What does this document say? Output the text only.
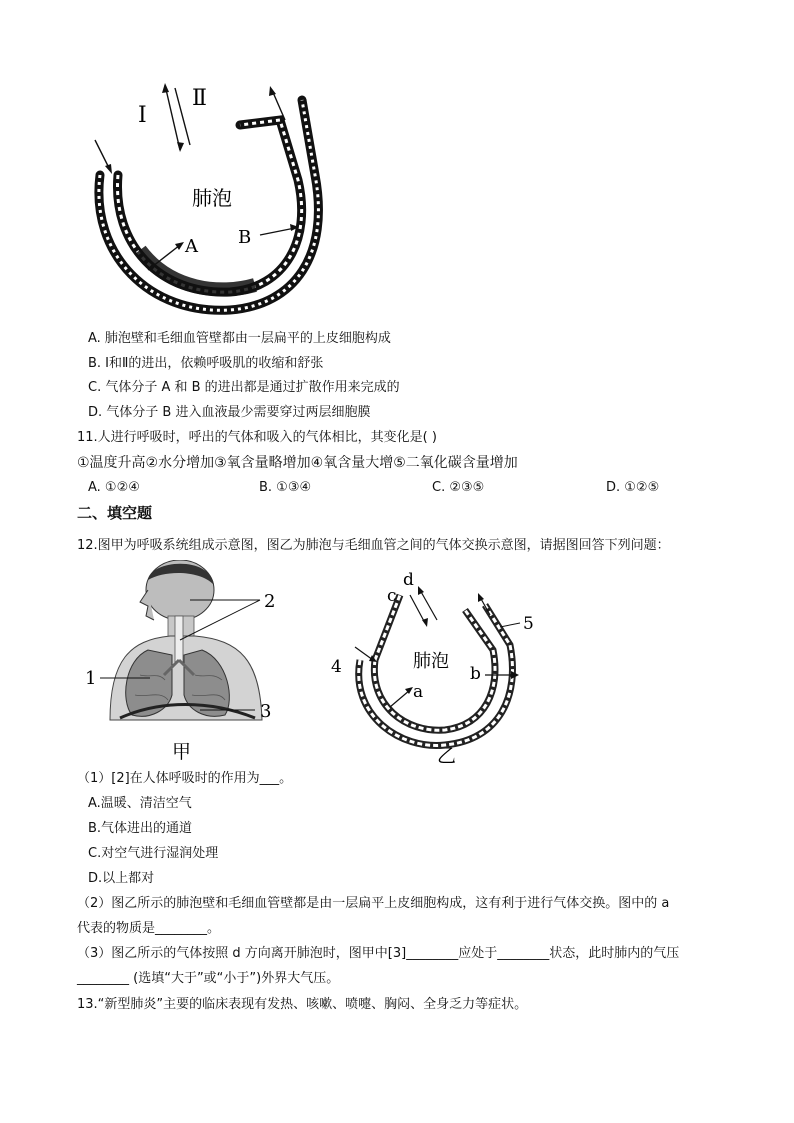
Ⅰ
Ⅱ
肺泡
A B
A. 肺泡壁和毛细血管壁都由一层扁平的上皮细胞构成
B. Ⅰ和Ⅱ的进出，依赖呼吸肌的收缩和舒张
C. 气体分子 A 和 B 的进出都是通过扩散作用来完成的
D. 气体分子 B 进入血液最少需要穿过两层细胞膜
11.人进行呼吸时，呼出的气体和吸入的气体相比，其变化是( )
①温度升高②水分增加③氧含量略增加④氧含量大增⑤二氧化碳含量增加
A. ①②④	B. ①③④	C. ②③⑤	D. ①②⑤
二、填空题
12.图甲为呼吸系统组成示意图，图乙为肺泡与毛细血管之间的气体交换示意图，请据图回答下列问题：
1
2
3
甲
d
c
5
4	肺泡
b
a
乙
（1）[2]在人体呼吸时的作用为___。
A.温暖、清洁空气
B.气体进出的通道
C.对空气进行湿润处理
D.以上都对
（2）图乙所示的肺泡壁和毛细血管壁都是由一层扁平上皮细胞构成，这有利于进行气体交换。图中的 a
代表的物质是________。
（3）图乙所示的气体按照 d 方向离开肺泡时，图甲中[3]________应处于________状态，此时肺内的气压
________ (选填“大于”或“小于”)外界大气压。
13.“新型肺炎”主要的临床表现有发热、咳嗽、喷嚏、胸闷、全身乏力等症状。
